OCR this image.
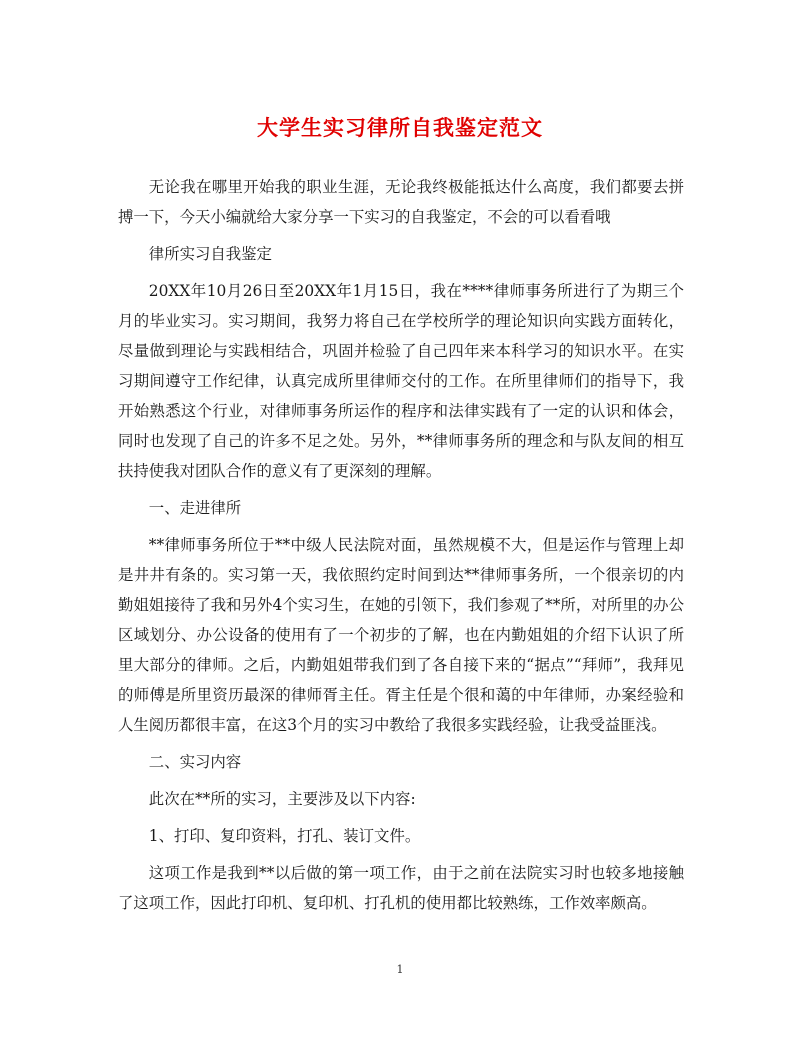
大学生实习律所自我鉴定范文

无论我在哪里开始我的职业生涯，无论我终极能抵达什么高度，我们都要去拼搏一下，今天小编就给大家分享一下实习的自我鉴定，不会的可以看看哦

律所实习自我鉴定

20XX年10月26日至20XX年1月15日，我在****律师事务所进行了为期三个月的毕业实习。实习期间，我努力将自己在学校所学的理论知识向实践方面转化，尽量做到理论与实践相结合，巩固并检验了自己四年来本科学习的知识水平。在实习期间遵守工作纪律，认真完成所里律师交付的工作。在所里律师们的指导下，我开始熟悉这个行业，对律师事务所运作的程序和法律实践有了一定的认识和体会，同时也发现了自己的许多不足之处。另外，**律师事务所的理念和与队友间的相互扶持使我对团队合作的意义有了更深刻的理解。

一、走进律所

**律师事务所位于**中级人民法院对面，虽然规模不大，但是运作与管理上却是井井有条的。实习第一天，我依照约定时间到达**律师事务所，一个很亲切的内勤姐姐接待了我和另外4个实习生，在她的引领下，我们参观了**所，对所里的办公区域划分、办公设备的使用有了一个初步的了解，也在内勤姐姐的介绍下认识了所里大部分的律师。之后，内勤姐姐带我们到了各自接下来的“据点”“拜师”，我拜见的师傅是所里资历最深的律师胥主任。胥主任是个很和蔼的中年律师，办案经验和人生阅历都很丰富，在这3个月的实习中教给了我很多实践经验，让我受益匪浅。

二、实习内容

此次在**所的实习，主要涉及以下内容:

1、打印、复印资料，打孔、装订文件。

这项工作是我到**以后做的第一项工作，由于之前在法院实习时也较多地接触了这项工作，因此打印机、复印机、打孔机的使用都比较熟练，工作效率颇高。

1
